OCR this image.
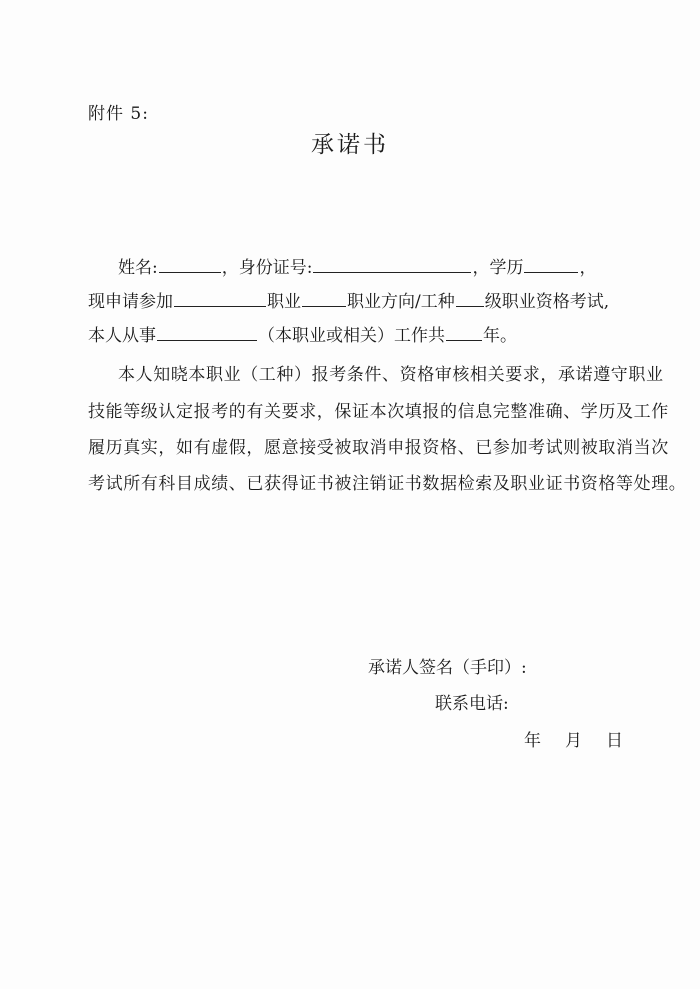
附件 5:
承诺书
姓名:	，身份证号:	，学历	，
现申请参加	职业	职业方向/工种 级职业资格考试,
本人从事	（本职业或相关）工作共 年。
本人知晓本职业（工种）报考条件、资格审核相关要求，承诺遵守职业
技能等级认定报考的有关要求，保证本次填报的信息完整准确、学历及工作
履历真实，如有虚假，愿意接受被取消申报资格、已参加考试则被取消当次
考试所有科目成绩、已获得证书被注销证书数据检索及职业证书资格等处理。
承诺人签名（手印）:
联系电话:
年 月 日
